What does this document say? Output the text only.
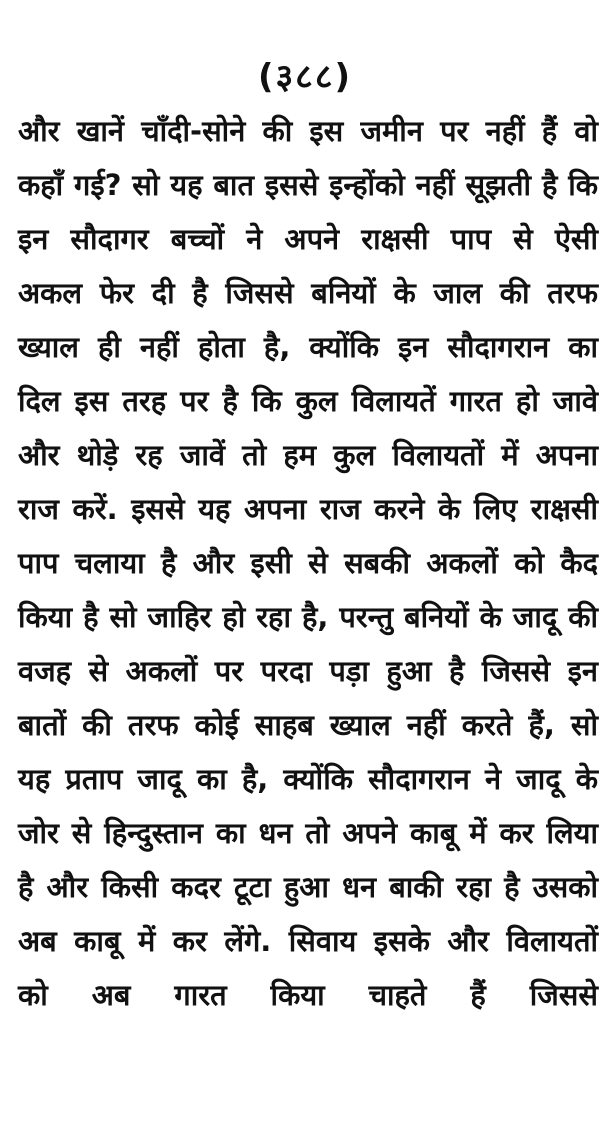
(३८८)
और खानें चाँदी-सोने की इस जमीन पर नहीं हैं वो
कहाँ गई? सो यह बात इससे इन्होंको नहीं सूझती है कि
इन सौदागर बच्चों ने अपने राक्षसी पाप से ऐसी
अकल फेर दी है जिससे बनियों के जाल की तरफ
ख्याल ही नहीं होता है, क्योंकि इन सौदागरान का
दिल इस तरह पर है कि कुल विलायतें गारत हो जावे
और थोड़े रह जावें तो हम कुल विलायतों में अपना
राज करें. इससे यह अपना राज करने के लिए राक्षसी
पाप चलाया है और इसी से सबकी अकलों को कैद
किया है सो जाहिर हो रहा है, परन्तु बनियों के जादू की
वजह से अकलों पर परदा पड़ा हुआ है जिससे इन
बातों की तरफ कोई साहब ख्याल नहीं करते हैं, सो
यह प्रताप जादू का है, क्योंकि सौदागरान ने जादू के
जोर से हिन्दुस्तान का धन तो अपने काबू में कर लिया
है और किसी कदर टूटा हुआ धन बाकी रहा है उसको
अब काबू में कर लेंगे. सिवाय इसके और विलायतों
को अब गारत किया चाहते हैं जिससे
